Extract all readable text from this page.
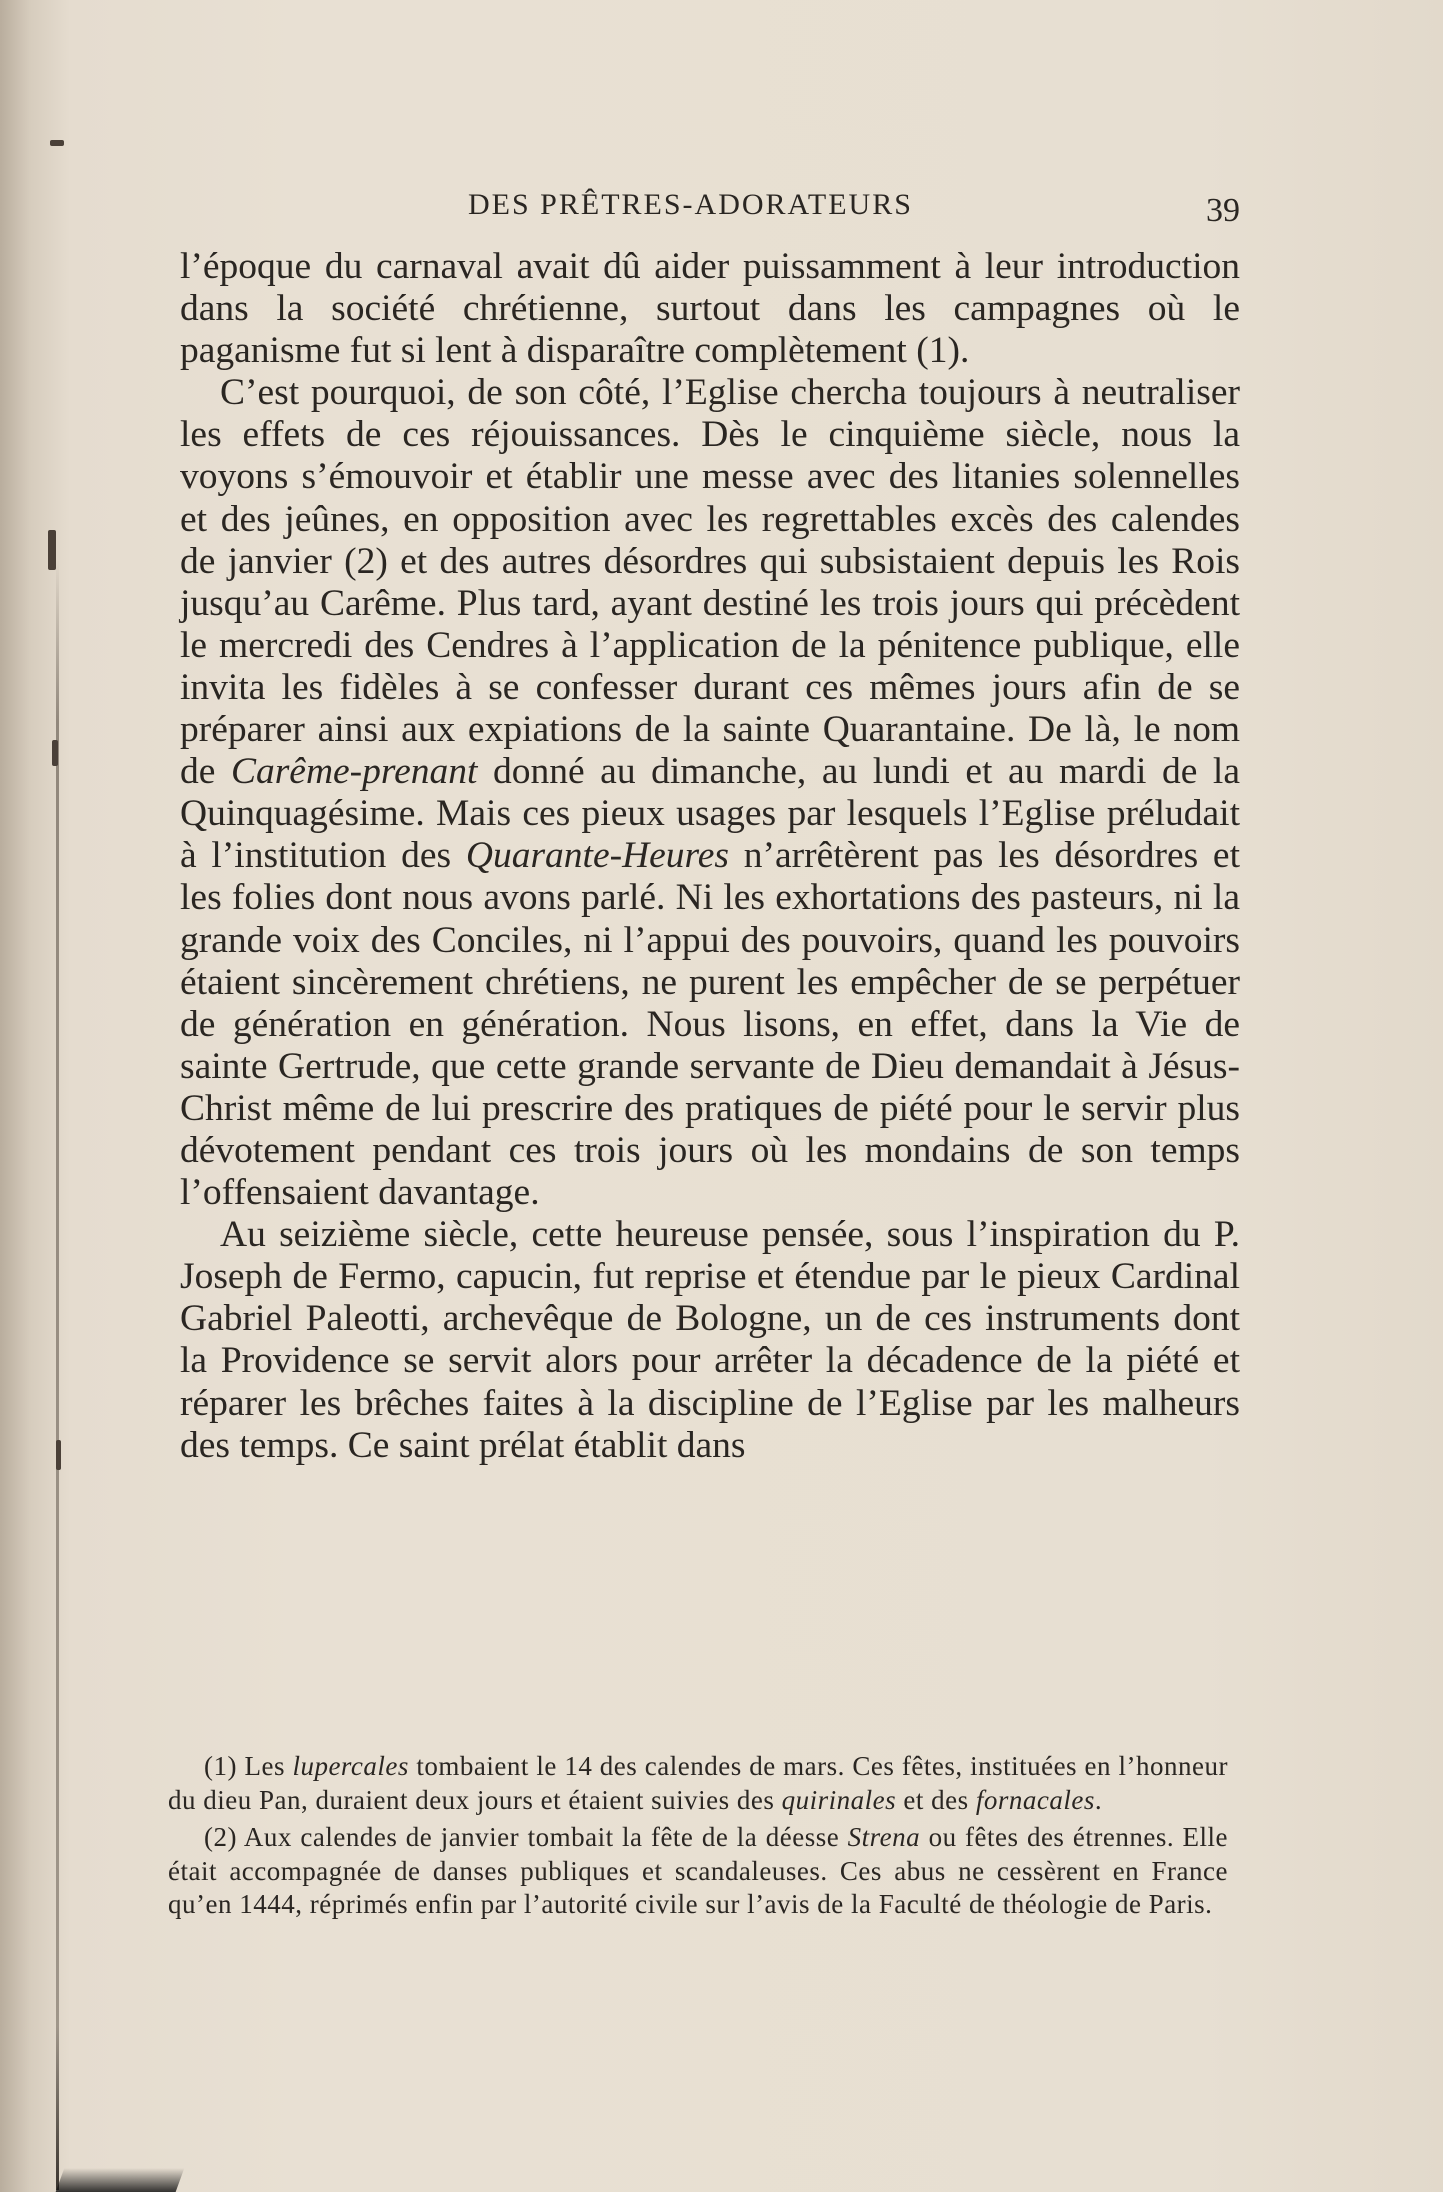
DES PRÊTRES-ADORATEURS	39

l’époque du carnaval avait dû aider puissamment à leur introduction dans la société chrétienne, surtout dans les campagnes où le paganisme fut si lent à disparaître complètement (1).

C’est pourquoi, de son côté, l’Eglise chercha toujours à neutraliser les effets de ces réjouissances. Dès le cinquième siècle, nous la voyons s’émouvoir et établir une messe avec des litanies solennelles et des jeûnes, en opposition avec les regrettables excès des calendes de janvier (2) et des autres désordres qui subsistaient depuis les Rois jusqu’au Carême. Plus tard, ayant destiné les trois jours qui précèdent le mercredi des Cendres à l’application de la pénitence publique, elle invita les fidèles à se confesser durant ces mêmes jours afin de se préparer ainsi aux expiations de la sainte Quarantaine. De là, le nom de Carême-prenant donné au dimanche, au lundi et au mardi de la Quinquagésime. Mais ces pieux usages par lesquels l’Eglise préludait à l’institution des Quarante-Heures n’arrêtèrent pas les désordres et les folies dont nous avons parlé. Ni les exhortations des pasteurs, ni la grande voix des Conciles, ni l’appui des pouvoirs, quand les pouvoirs étaient sincèrement chrétiens, ne purent les empêcher de se perpétuer de génération en génération. Nous lisons, en effet, dans la Vie de sainte Gertrude, que cette grande servante de Dieu demandait à Jésus-Christ même de lui prescrire des pratiques de piété pour le servir plus dévotement pendant ces trois jours où les mondains de son temps l’offensaient davantage.

Au seizième siècle, cette heureuse pensée, sous l’inspiration du P. Joseph de Fermo, capucin, fut reprise et étendue par le pieux Cardinal Gabriel Paleotti, archevêque de Bologne, un de ces instruments dont la Providence se servit alors pour arrêter la décadence de la piété et réparer les brêches faites à la discipline de l’Eglise par les malheurs des temps. Ce saint prélat établit dans

(1) Les lupercales tombaient le 14 des calendes de mars. Ces fêtes, instituées en l’honneur du dieu Pan, duraient deux jours et étaient suivies des quirinales et des fornacales.

(2) Aux calendes de janvier tombait la fête de la déesse Strena ou fêtes des étrennes. Elle était accompagnée de danses publiques et scandaleuses. Ces abus ne cessèrent en France qu’en 1444, réprimés enfin par l’autorité civile sur l’avis de la Faculté de théologie de Paris.
